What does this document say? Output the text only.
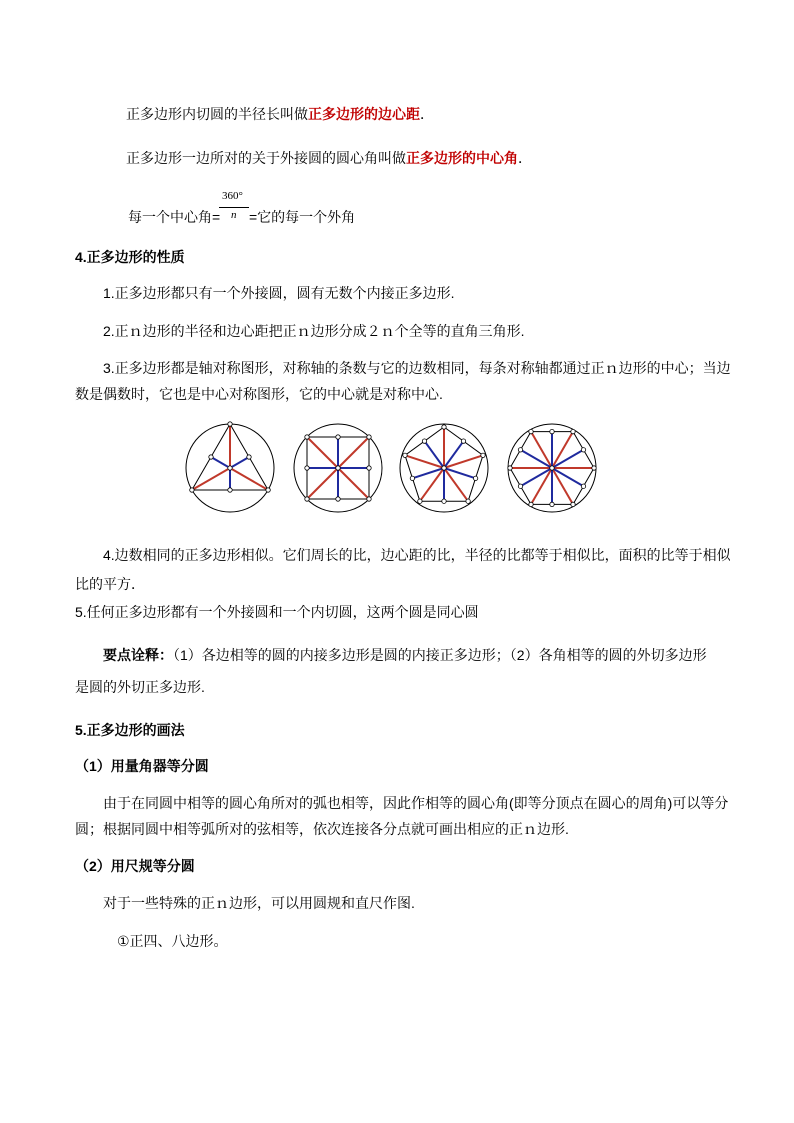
正多边形内切圆的半径长叫做正多边形的边心距．
正多边形一边所对的关于外接圆的圆心角叫做正多边形的中心角．
每一个中心角=
360°
n =它的每一个外角
4.正多边形的性质
1.正多边形都只有一个外接圆，圆有无数个内接正多边形.
2.正ｎ边形的半径和边心距把正ｎ边形分成２ｎ个全等的直角三角形.
3.正多边形都是轴对称图形，对称轴的条数与它的边数相同，每条对称轴都通过正ｎ边形的中心；当边
数是偶数时，它也是中心对称图形，它的中心就是对称中心.
4.边数相同的正多边形相似。它们周长的比，边心距的比，半径的比都等于相似比，面积的比等于相似
比的平方．
5.任何正多边形都有一个外接圆和一个内切圆，这两个圆是同心圆
要点诠释：（1）各边相等的圆的内接多边形是圆的内接正多边形；（2）各角相等的圆的外切多边形
是圆的外切正多边形.
5.正多边形的画法
（1）用量角器等分圆
由于在同圆中相等的圆心角所对的弧也相等，因此作相等的圆心角(即等分顶点在圆心的周角)可以等分
圆；根据同圆中相等弧所对的弦相等，依次连接各分点就可画出相应的正ｎ边形.
（2）用尺规等分圆
对于一些特殊的正ｎ边形，可以用圆规和直尺作图.
①正四、八边形。
